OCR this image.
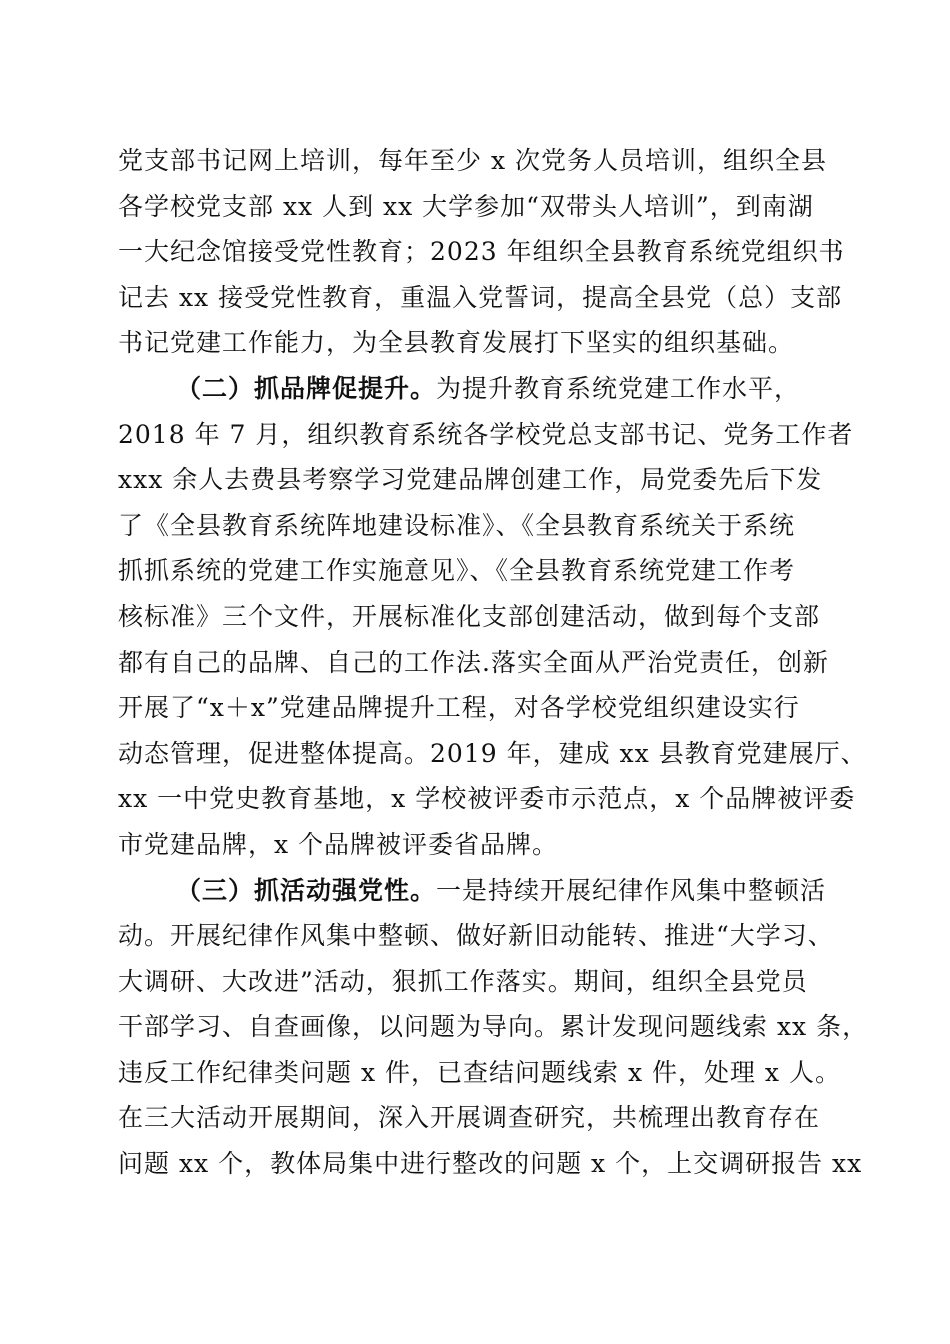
党支部书记网上培训，每年至少 x 次党务人员培训，组织全县
各学校党支部 xx 人到 xx 大学参加“双带头人培训”，到南湖
一大纪念馆接受党性教育；2023 年组织全县教育系统党组织书
记去 xx 接受党性教育，重温入党誓词，提高全县党（总）支部
书记党建工作能力，为全县教育发展打下坚实的组织基础。
（二）抓品牌促提升。为提升教育系统党建工作水平，
2018 年 7 月，组织教育系统各学校党总支部书记、党务工作者
xxx 余人去费县考察学习党建品牌创建工作，局党委先后下发
了《全县教育系统阵地建设标准》、《全县教育系统关于系统
抓抓系统的党建工作实施意见》、《全县教育系统党建工作考
核标准》三个文件，开展标准化支部创建活动，做到每个支部
都有自己的品牌、自己的工作法.落实全面从严治党责任，创新
开展了“x＋x”党建品牌提升工程，对各学校党组织建设实行
动态管理，促进整体提高。2019 年，建成 xx 县教育党建展厅、
xx 一中党史教育基地，x 学校被评委市示范点，x 个品牌被评委
市党建品牌，x 个品牌被评委省品牌。
（三）抓活动强党性。一是持续开展纪律作风集中整顿活
动。开展纪律作风集中整顿、做好新旧动能转、推进“大学习、
大调研、大改进”活动，狠抓工作落实。期间，组织全县党员
干部学习、自查画像，以问题为导向。累计发现问题线索 xx 条，
违反工作纪律类问题 x 件，已查结问题线索 x 件，处理 x 人。
在三大活动开展期间，深入开展调查研究，共梳理出教育存在
问题 xx 个，教体局集中进行整改的问题 x 个，上交调研报告 xx
